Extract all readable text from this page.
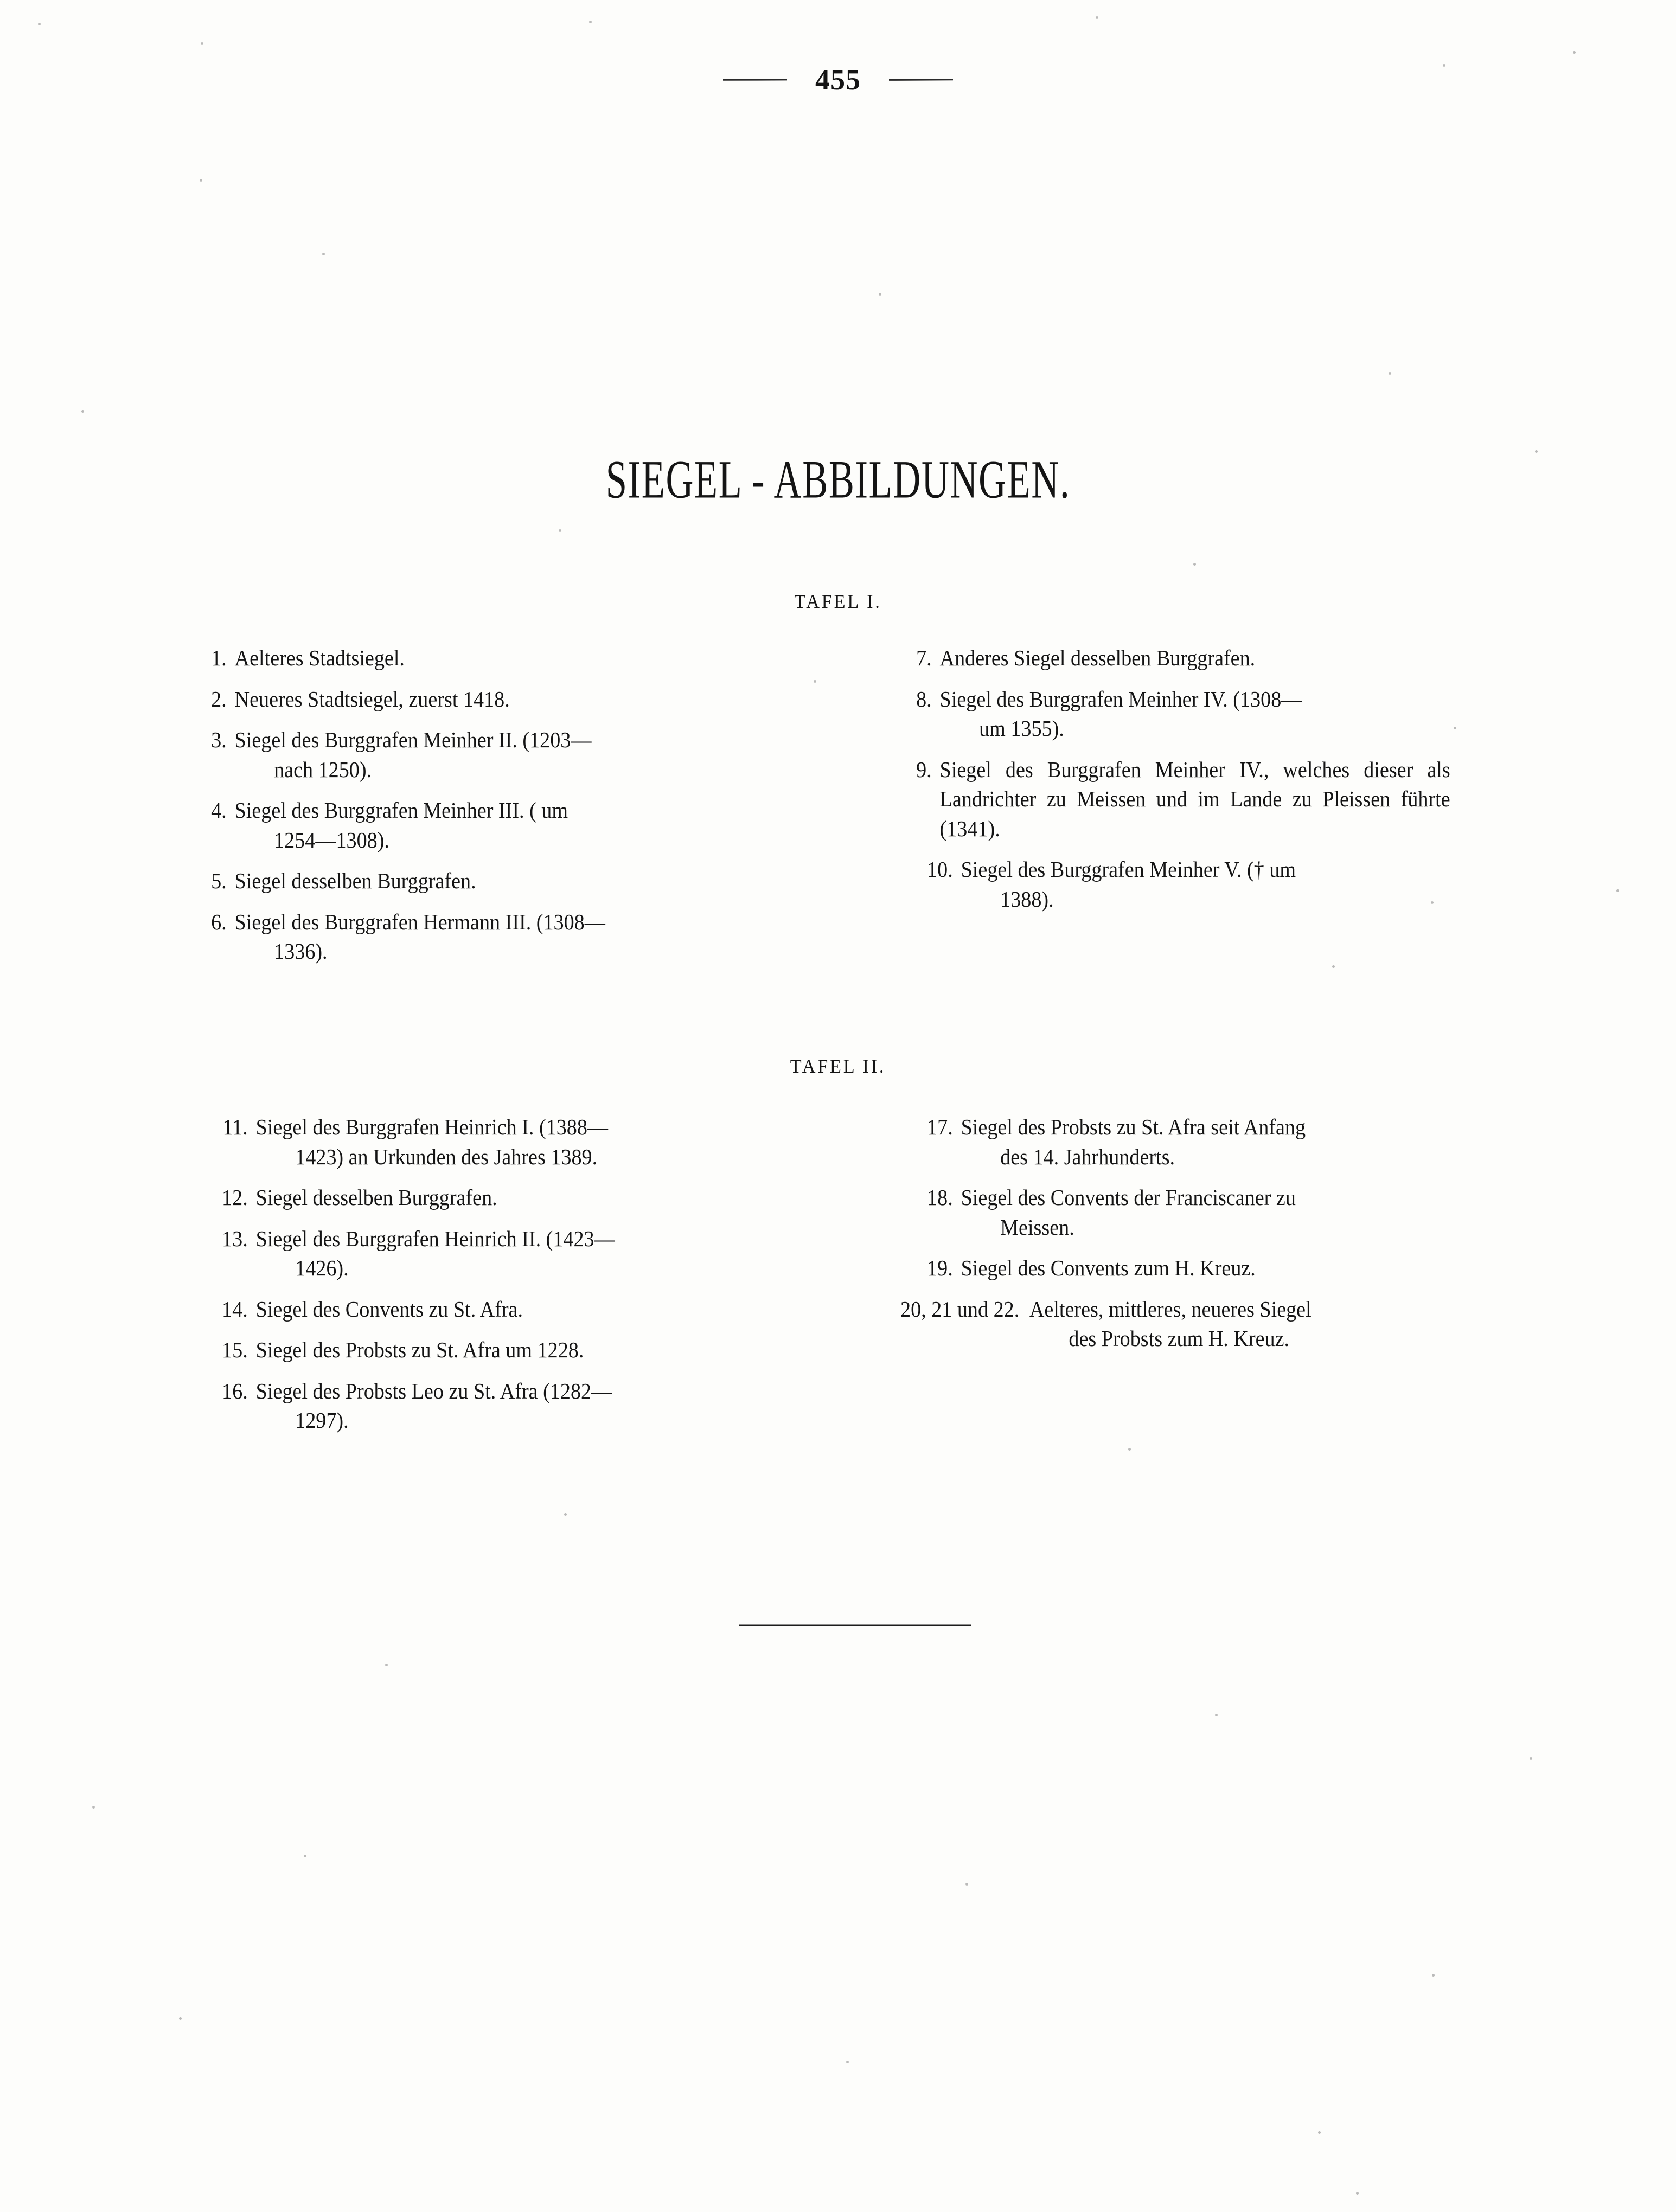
455
SIEGEL - ABBILDUNGEN.
TAFEL I.
1. Aelteres Stadtsiegel.
2. Neueres Stadtsiegel, zuerst 1418.
3. Siegel des Burggrafen Meinher II. (1203—
nach 1250).
4. Siegel des Burggrafen Meinher III. ( um
1254—1308).
5. Siegel desselben Burggrafen.
6. Siegel des Burggrafen Hermann III. (1308—
1336).
7. Anderes Siegel desselben Burggrafen.
8. Siegel des Burggrafen Meinher IV. (1308—
um 1355).
9. Siegel des Burggrafen Meinher IV., welches dieser als Landrichter zu Meissen und im Lande zu Pleissen führte (1341).
10. Siegel des Burggrafen Meinher V. († um
1388).
TAFEL II.
11. Siegel des Burggrafen Heinrich I. (1388—
1423) an Urkunden des Jahres 1389.
12. Siegel desselben Burggrafen.
13. Siegel des Burggrafen Heinrich II. (1423—
1426).
14. Siegel des Convents zu St. Afra.
15. Siegel des Probsts zu St. Afra um 1228.
16. Siegel des Probsts Leo zu St. Afra (1282—
1297).
17. Siegel des Probsts zu St. Afra seit Anfang
des 14. Jahrhunderts.
18. Siegel des Convents der Franciscaner zu
Meissen.
19. Siegel des Convents zum H. Kreuz.
20, 21 und 22. Aelteres, mittleres, neueres Siegel
des Probsts zum H. Kreuz.
